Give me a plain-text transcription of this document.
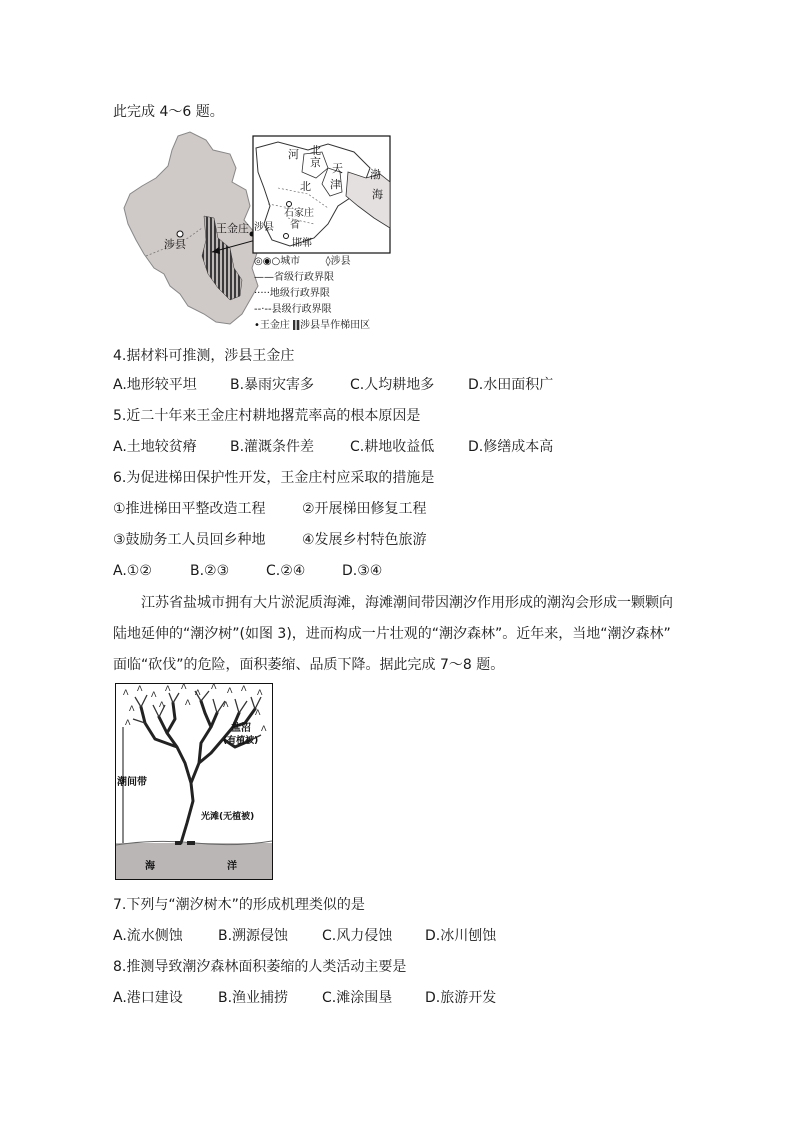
此完成 4～6 题。
河 北
京 天
津
北
渤
海
石家庄
省
涉县
邯郸
王金庄
涉县
◎◉○城市	◊涉县
——省级行政界限
·····地级行政界限
--·--县级行政界限
•王金庄 涉县旱作梯田区
4.据材料可推测，涉县王金庄
A.地形较平坦 B.暴雨灾害多	C.人均耕地多 D.水田面积广
5.近二十年来王金庄村耕地撂荒率高的根本原因是
A.土地较贫瘠 B.灌溉条件差	C.耕地收益低 D.修缮成本高
6.为促进梯田保护性开发，王金庄村应采取的措施是
①推进梯田平整改造工程	②开展梯田修复工程
③鼓励务工人员回乡种地	④发展乡村特色旅游
A.①②	B.②③	C.②④	D.③④
江苏省盐城市拥有大片淤泥质海滩，海滩潮间带因潮汐作用形成的潮沟会形成一颗颗向
陆地延伸的“潮汐树”(如图 3)，进而构成一片壮观的“潮汐森林”。近年来，当地“潮汐森林”
面临“砍伐”的危险，面积萎缩、品质下降。据此完成 7～8 题。
ᐱ ᐱ
ᐱ
ᐱ ᐱ
ᐱ
ᐱ ᐱ ᐱ ᐱ
ᐱ	ᐱ
ᐱ
ᐱ
ᐱ	ᐱ
ᐱ
盐沼
(有植被)
潮间带
光滩(无植被)
海	洋
7.下列与“潮汐树木”的形成机理类似的是
A.流水侧蚀	B.溯源侵蚀 C.风力侵蚀 D.冰川刨蚀
8.推测导致潮汐森林面积萎缩的人类活动主要是
A.港口建设	B.渔业捕捞 C.滩涂围垦 D.旅游开发
